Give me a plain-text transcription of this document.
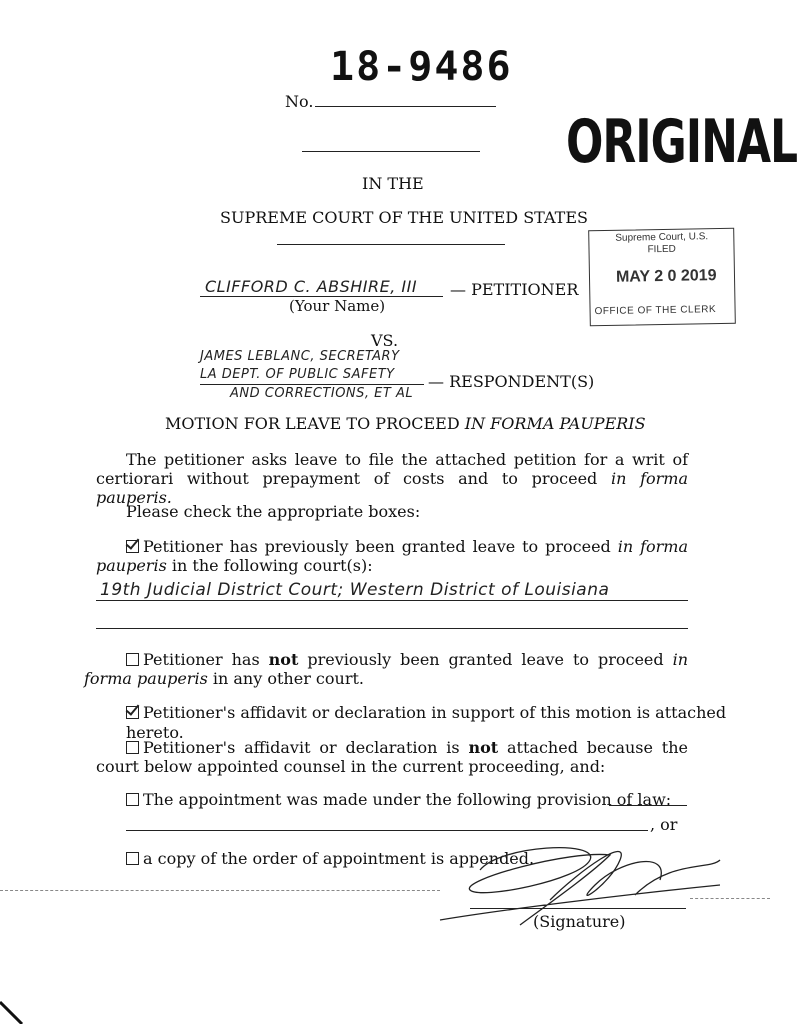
18-9486
No.
ORIGINAL
IN THE
SUPREME COURT OF THE UNITED STATES
Supreme Court, U.S.
FILED
MAY 2 0 2019
OFFICE OF THE CLERK
CLIFFORD C. ABSHIRE, III — PETITIONER
(Your Name)
VS.
JAMES LEBLANC, SECRETARY
LA DEPT. OF PUBLIC SAFETY — RESPONDENT(S)
AND CORRECTIONS, ET AL
MOTION FOR LEAVE TO PROCEED IN FORMA PAUPERIS
The petitioner asks leave to file the attached petition for a writ of certiorari without prepayment of costs and to proceed in forma pauperis.
Please check the appropriate boxes:
Petitioner has previously been granted leave to proceed in forma pauperis in the following court(s):
19th Judicial District Court; Western District of Louisiana
Petitioner has not previously been granted leave to proceed in forma pauperis in any other court.
Petitioner's affidavit or declaration in support of this motion is attached hereto.
Petitioner's affidavit or declaration is not attached because the court below appointed counsel in the current proceeding, and:
The appointment was made under the following provision of law:
, or
a copy of the order of appointment is appended.
(Signature)
